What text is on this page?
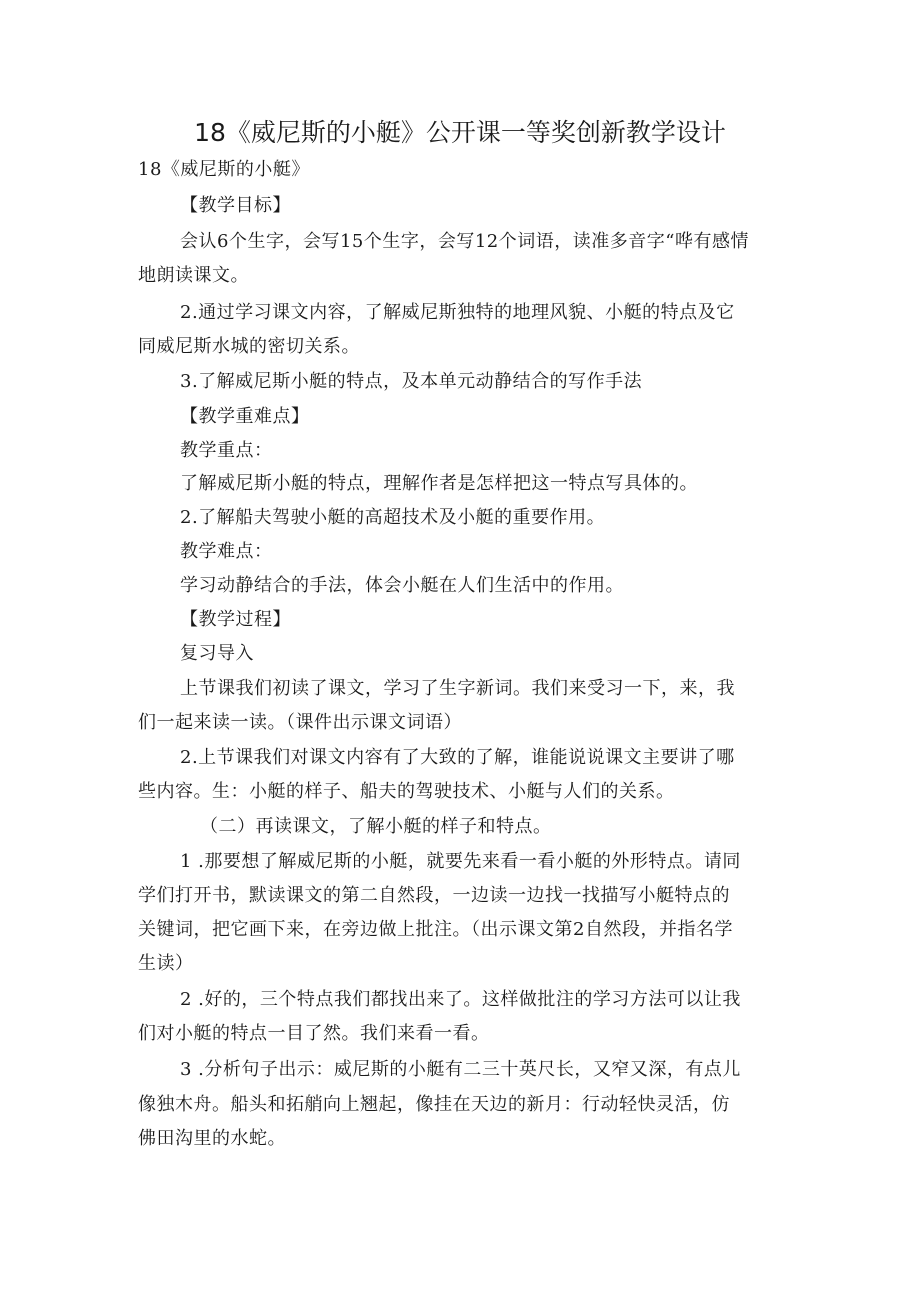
18《威尼斯的小艇》公开课一等奖创新教学设计
18《威尼斯的小艇》
【教学目标】
会认6个生字，会写15个生字，会写12个词语，读准多音字“哗有感情
地朗读课文。
2.通过学习课文内容，了解威尼斯独特的地理风貌、小艇的特点及它
同威尼斯水城的密切关系。
3.了解威尼斯小艇的特点，及本单元动静结合的写作手法
【教学重难点】
教学重点：
了解威尼斯小艇的特点，理解作者是怎样把这一特点写具体的。
2.了解船夫驾驶小艇的高超技术及小艇的重要作用。
教学难点：
学习动静结合的手法，体会小艇在人们生活中的作用。
【教学过程】
复习导入
上节课我们初读了课文，学习了生字新词。我们来受习一下，来，我
们一起来读一读。（课件出示课文词语）
2.上节课我们对课文内容有了大致的了解，谁能说说课文主要讲了哪
些内容。生：小艇的样子、船夫的驾驶技术、小艇与人们的关系。
（二）再读课文，了解小艇的样子和特点。
1 .那要想了解威尼斯的小艇，就要先来看一看小艇的外形特点。请同
学们打开书，默读课文的第二自然段，一边读一边找一找描写小艇特点的
关键词，把它画下来，在旁边做上批注。（出示课文第2自然段，并指名学
生读）
2 .好的，三个特点我们都找出来了。这样做批注的学习方法可以让我
们对小艇的特点一目了然。我们来看一看。
3 .分析句子出示：威尼斯的小艇有二三十英尺长，又窄又深，有点儿
像独木舟。船头和拓艄向上翘起，像挂在天边的新月：行动轻快灵活，仿
佛田沟里的水蛇。
